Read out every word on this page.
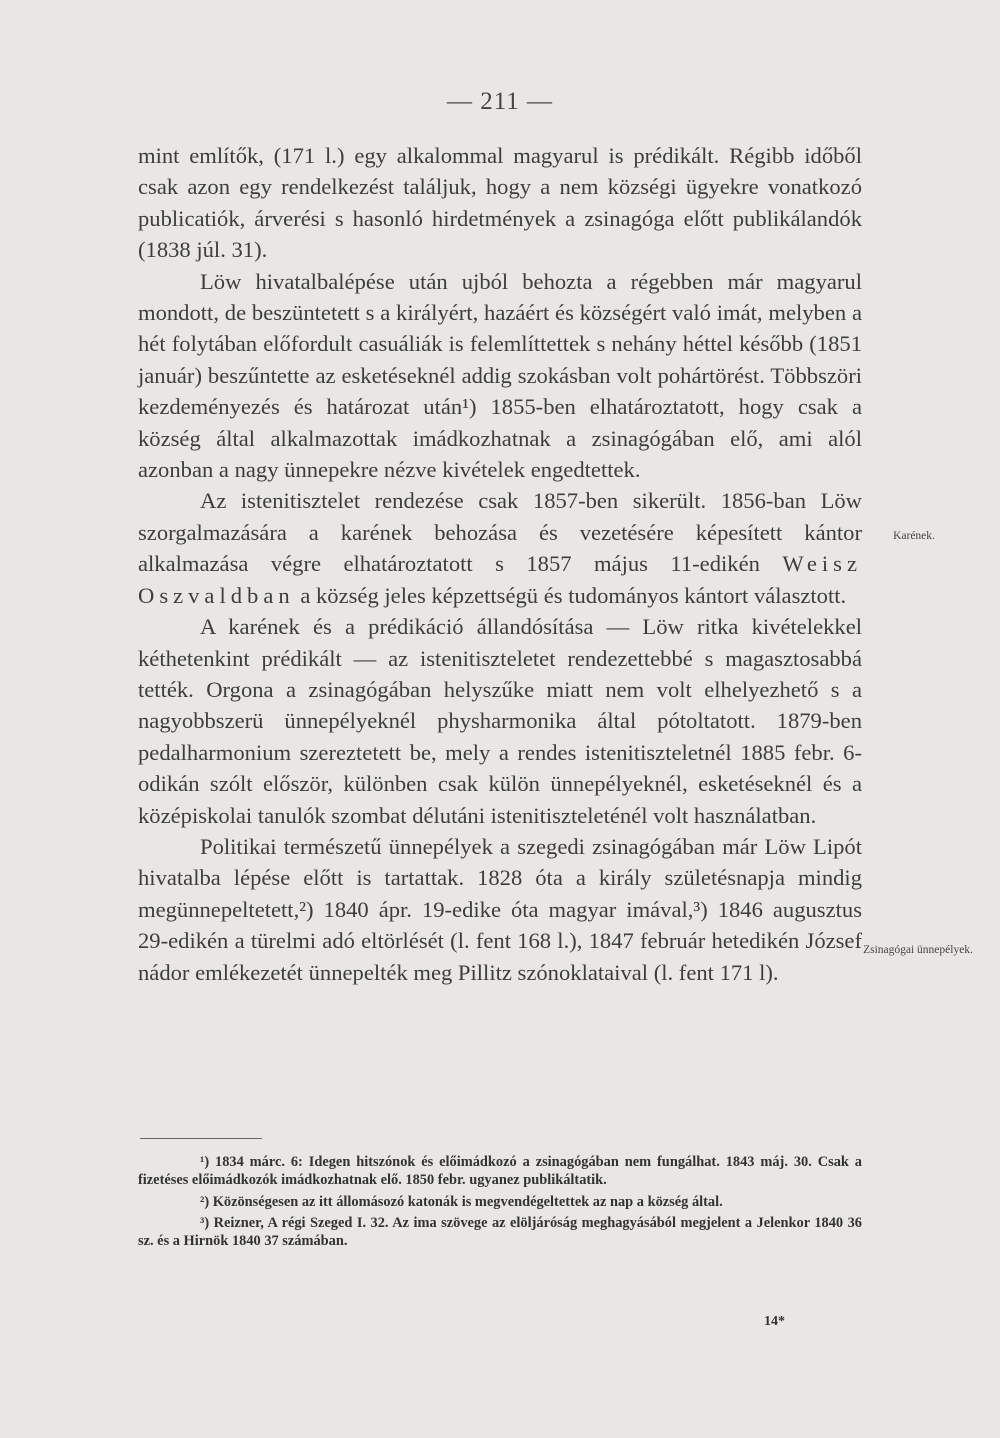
— 211 —

mint említők, (171 l.) egy alkalommal magyarul is prédikált. Régibb időből csak azon egy rendelkezést találjuk, hogy a nem községi ügyekre vonatkozó publicatiók, árverési s hasonló hirdetmények a zsinagóga előtt publikálandók (1838 júl. 31).

Löw hivatalbalépése után ujból behozta a régebben már magyarul mondott, de beszüntetett s a királyért, hazáért és községért való imát, melyben a hét folytában előfordult casuáliák is felemlíttettek s nehány héttel később (1851 január) beszűntette az esketéseknél addig szokásban volt pohártörést. Többszöri kezdeményezés és határozat után¹) 1855-ben elhatároztatott, hogy csak a község által alkalmazottak imádkozhatnak a zsinagógában elő, ami alól azonban a nagy ünnepekre nézve kivételek engedtettek.

Az istenitisztelet rendezése csak 1857-ben sikerült. 1856-ban Löw szorgalmazására a karének behozása és vezetésére képesített kántor alkalmazása végre elhatároztatott s 1857 május 11-edikén Weisz Oszvaldban a község jeles képzettségü és tudományos kántort választott.

A karének és a prédikáció állandósítása — Löw ritka kivételekkel kéthetenkint prédikált — az istenitiszteletet rendezettebbé s magasztosabbá tették. Orgona a zsinagógában helyszűke miatt nem volt elhelyezhető s a nagyobbszerü ünnepélyeknél physharmonika által pótoltatott. 1879-ben pedalharmonium szereztetett be, mely a rendes istenitiszteletnél 1885 febr. 6-odikán szólt először, különben csak külön ünnepélyeknél, esketéseknél és a középiskolai tanulók szombat délutáni istenitiszteleténél volt használatban.

Politikai természetű ünnepélyek a szegedi zsinagógában már Löw Lipót hivatalba lépése előtt is tartattak. 1828 óta a király születésnapja mindig megünnepeltetett,²) 1840 ápr. 19-edike óta magyar imával,³) 1846 augusztus 29-edikén a türelmi adó eltörlését (l. fent 168 l.), 1847 február hetedikén József nádor emlékezetét ünnepelték meg Pillitz szónoklataival (l. fent 171 l).

Karének.
Zsinagógai ünnepélyek.

¹) 1834 márc. 6: Idegen hitszónok és előimádkozó a zsinagógában nem fungálhat. 1843 máj. 30. Csak a fizetéses előimádkozók imádkozhatnak elő. 1850 febr. ugyanez publikáltatik.

²) Közönségesen az itt állomásozó katonák is megvendégeltettek az nap a község által.

³) Reizner, A régi Szeged I. 32. Az ima szövege az elöljáróság meghagyásából megjelent a Jelenkor 1840 36 sz. és a Hirnök 1840 37 számában.

14*
